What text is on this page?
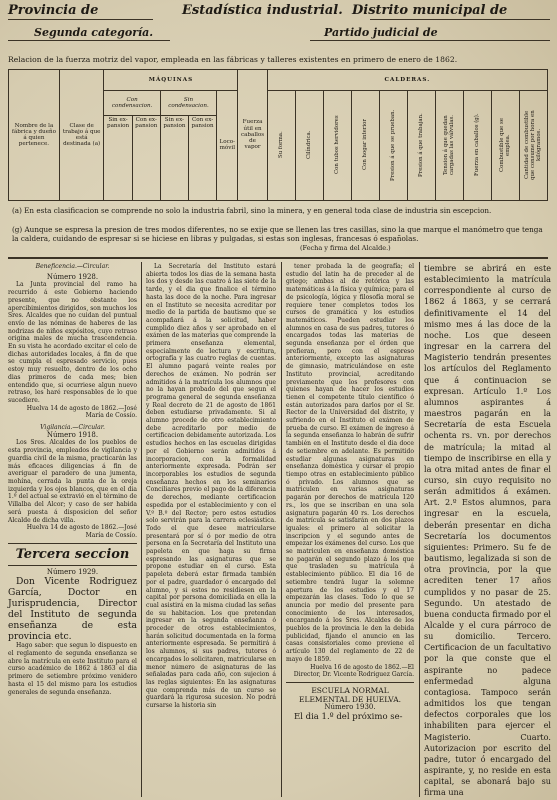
Provincia de	Estadística industrial. Distrito municipal de
Segunda categoría.	Partido judicial de
Relacion de la fuerza motriz del vapor, empleada en las fábricas y talleres existentes en primero de enero de 1862.
Nombre de la fábrica y dueño á quien pertenece.	Clase de trabajo á que está destinada (a)	MÁQUINAS					Fuerza útil en caballos de vapor	CALDERAS.									
		Con condensacion.		Sin condensacion.		Loco- móvil		Su forma.	Cilíndrica.	Con tubos hervidores	Con hogar interior	Presion á que se prueban.	Presion á que trabajan.	Tension á que quedan cargadas las válvulas.	Fuerza en caballos (g).	Combustible que se emplea.	Cantidad de combustible que consume por hora en kilógramos.

		Sin ex- pansion	Con ex- pansion	Sin ex- pansion	Con ex- pansion												
(a) En esta clasificacion se comprende no solo la industria fabril, sino la minera, y en general toda clase de industria sin escepcion.
(g) Aunque se espresa la presion de tres modos diferentes, no se exije que se llenen las tres casillas, sino la que marque el manómetro que tenga la caldera, cuidando de espresar si se hiciese en libras y pulgadas, si estas son inglesas, francesas ó españolas.
(Fecha y firma del Alcalde.)

Beneficencia.—Circular.

Número 1928.

La Junta provincial del ramo ha recurrido á este Gobierno haciendo presente, que no obstante los apercibimientos dirigidos, son muchos los Sres. Alcaldes que no cuidan del puntual envío de las nóminas de haberes de las nodrizas de niños expósitos, cuyo retraso origina males de mucha trascendencia. En su vista he acordado excitar el celo de dichas autoridades locales, á fin de que se cumpla el espresado servicio, pues estoy muy resuelto, dentro de los ocho dias primeros de cada mes; bien entendido que, si ocurriese algun nuevo retraso, les haré responsables de lo que sucediere.

Huelva 14 de agosto de 1862.—José María de Cossío.

Vigilancia.—Circular.

Número 1918.

Los Sres. Alcaldes de los pueblos de esta provincia, empleados de vigilancia y guardia civil de la misma, practicarán las más eficaces diligencias á fin de averiguar el paradero de una jumenta, mohína, cerrada la punta de la oreja izquierda y los ojos blancos, que en el dia 1.º del actual se extravió en el término de Villalba del Alcor; y caso de ser habida será puesta á disposicion del señor Alcalde de dicha villa.

Huelva 14 de agosto de 1862.—José María de Cossío.

Tercera seccion

Número 1929.

Don Vicente Rodriguez García, Doctor en Jurisprudencia, Director del Instituto de segunda enseñanza de esta provincia etc.

Hago saber: que segun lo dispuesto en el reglamento de segunda enseñanza se abre la matrícula en este Instituto para el curso académico de 1862 á 1863 el dia primero de setiembre próximo venidero hasta el 15 del mismo para los estudios generales de segunda enseñanza.

La Secretaría del Instituto estará abierta todos los dias de la semana hasta los dos y desde las cuatro á las siete de la tarde, y el dia que finalice el término hasta las doce de la noche. Para ingresar en el Instituto se necesita acreditar por medio de la partida de bautismo que se acompañará á la solicitud, haber cumplido diez años y ser aprobado en el exámen de las materias que comprende la primera enseñanza elemental, especialmente de lectura y escritura, ortografía y las cuatro reglas de cuentas. El alumno pagará veinte reales por derechos de exámen. No podrán ser admitidos á la matrícula los alumnos que no la hayan probado del que segun el programa general de segunda enseñanza y Real decreto de 21 de agosto de 1861 deben estudiarse privadamente. Si al alumno procede de otro establecimiento debe acreditarlo por medio de certificacion debidamente autorizada. Los estudios hechos en las escuelas dirigidas por el Gobierno serán admitidos á incorporacion, con la formalidad anteriormente expresada. Podrán ser incorporables los estudios de segunda enseñanza hechos en los seminarios Conciliares previo el pago de la diferencia de derechos, mediante certificacion espedida por el establecimiento y con el V.º B.º del Rector; pero estos estudios solo servirán para la carrera eclesiástica. Todo el que desee matricularse presentará por sí ó por medio de otra persona en la Secretaría del Instituto una papeleta en que haga su firma espresando las asignaturas que se propone estudiar en el curso. Esta papeleta deberá estar firmada también por el padre, guardador ó encargado del alumno, y si estos no residiesen en la capital por persona domiciliada en ella la cual asistirá en la misma ciudad las señas de su habitacion. Los que pretendan ingresar en la segunda enseñanza ó proceder de otros establecimientos, harán solicitud documentada en la forma anteriormente espresada. Se permitirá á los alumnos, si sus padres, tutores ó encargados lo solicitaren, matricularse en menor número de asignaturas de las señaladas para cada año, con sujecion á las reglas siguientes: En las asignaturas que comprenda más de un curso se guardará la rigurosa sucesion. No podrá cursarse la historia sin

tener probada la de geografía; el estudio del latin ha de preceder al de griego; ambas al de retórica y las matemáticas á la física y química; para el de psicología, lógica y filosofía moral se requiere tener completos todos los cursos de gramática y los estudios matemáticos. Pueden estudiar los alumnos en casa de sus padres, tutores ó encargados todas las materias de segunda enseñanza por el órden que prefieran, pero con el espreso anteriormente, excepto las asignaturas de gimnasio, matriculándose en este Instituto provincial, acreditando previamente que los profesores con quienes hayan de hacer los estudios tienen el competente título científico ó están autorizados para darlos por el Sr. Rector de la Universidad del distrito, y sufriendo en el Instituto el exámen de prueba de curso. El exámen de ingreso á la segunda enseñanza lo habrán de sufrir también en el Instituto desde el dia doce de setiembre en adelante. Es permitido estudiar algunas asignaturas en enseñanza doméstica y cursar el propio tiempo otras en establecimiento público ó privado. Los alumnos que se matriculen en varias asignaturas pagarán por derechos de matrícula 120 rs., los que se inscriban en una sola asignatura pagarán 40 rs. Los derechos de matrícula se satisfarán en dos plazos iguales: el primero al solicitar la inscripcion y el segundo antes de empezar los exámenes del curso. Los que se matriculen en enseñanza doméstica no pagarán el segundo plazo á los que que trasladen su matrícula á establecimiento público. El dia 16 de setiembre tendrá lugar la solemne apertura de los estudios y el 17 empezarán las clases. Todo lo que se anuncia por medio del presente para conocimiento de los interesados, encargando á los Sres. Alcaldes de los pueblos de la provincia le den la debida publicidad, fijando el anuncio en las casas consistoriales como previene el artículo 130 del reglamento de 22 de mayo de 1859.

Huelva 16 de agosto de 1862.—El Director, Dr. Vicente Rodriguez García.

ESCUELA NORMAL ELEMENTAL DE HUELVA.

Número 1930.

El dia 1.º del próximo se-

tiembre se abrirá en este establecimiento la matrícula correspondiente al curso de 1862 á 1863, y se cerrará definitivamente el 14 del mismo mes á las doce de la noche. Los que deseen ingresar en la carrera del Magisterio tendrán presentes los artículos del Reglamento que á continuacion se expresan. Artículo 1.º Los alumnos aspirantes á maestros pagarán en la Secretaría de esta Escuela ochenta rs. vn. por derechos de matrícula; la mitad al tiempo de inscribirse en ella y la otra mitad antes de finar el curso, sin cuyo requisito no serán admitidos á exámen. Art. 2.º Estos alumnos, para ingresar en la escuela, deberán presentar en dicha Secretaría los documentos siguientes: Primero. Su fe de bautismo, legalizada si son de otra provincia, por la que acrediten tener 17 años cumplidos y no pasar de 25. Segundo. Un atestado de buena conducta firmado por el Alcalde y el cura párroco de su domicilio. Tercero. Certificacion de un facultativo por la que conste que el aspirante no padece enfermedad alguna contagiosa. Tampoco serán admitidos los que tengan defectos corporales que los inhabiliten para ejercer el Magisterio. Cuarto. Autorizacion por escrito del padre, tutor ó encargado del aspirante, y, no reside en esta capital, se abonará bajo su firma una
